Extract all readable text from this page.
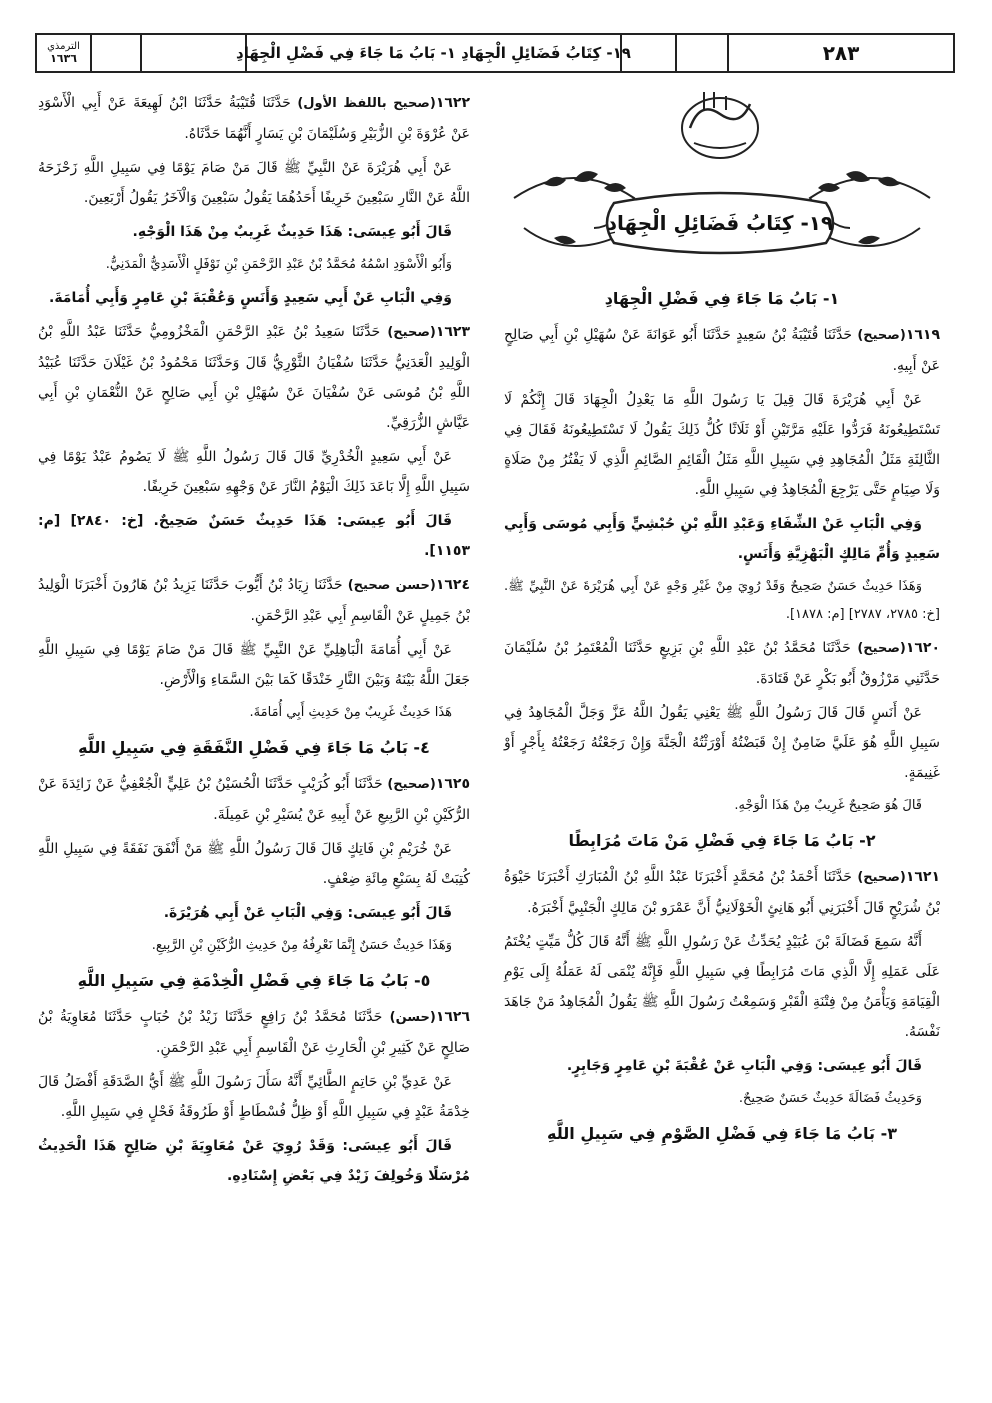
الترمذي
١٦٣٦	١٩- كِتَابُ فَضَائِلِ الْجِهَادِ ١- بَابُ مَا جَاءَ فِي فَضْلِ الْجِهَادِ	٢٨٣
١٩- كِتَابُ فَضَائِلِ الْجِهَادِ
١- بَابُ مَا جَاءَ فِي فَضْلِ الْجِهَادِ

١٦١٩(صحيح) حَدَّثَنَا قُتَيْبَةُ بْنُ سَعِيدٍ حَدَّثَنَا أَبُو عَوَانَةَ عَنْ سُهَيْلِ بْنِ أَبِي صَالِحٍ عَنْ أَبِيهِ.

عَنْ أَبِي هُرَيْرَةَ قَالَ قِيلَ يَا رَسُولَ اللَّهِ مَا يَعْدِلُ الْجِهَادَ قَالَ إِنَّكُمْ لَا تَسْتَطِيعُونَهُ فَرَدُّوا عَلَيْهِ مَرَّتَيْنِ أَوْ ثَلَاثًا كُلُّ ذَلِكَ يَقُولُ لَا تَسْتَطِيعُونَهُ فَقَالَ فِي الثَّالِثَةِ مَثَلُ الْمُجَاهِدِ فِي سَبِيلِ اللَّهِ مَثَلُ الْقَائِمِ الصَّائِمِ الَّذِي لَا يَفْتُرُ مِنْ صَلَاةٍ وَلَا صِيَامٍ حَتَّى يَرْجِعَ الْمُجَاهِدُ فِي سَبِيلِ اللَّهِ.

وَفِي الْبَابِ عَنْ الشِّفَاءِ وَعَبْدِ اللَّهِ بْنِ حُبْشِيٍّ وَأَبِي مُوسَى وَأَبِي سَعِيدٍ وَأُمِّ مَالِكٍ الْبَهْزِيَّةِ وَأَنَسٍ.

وَهَذَا حَدِيثٌ حَسَنٌ صَحِيحٌ وَقَدْ رُوِيَ مِنْ غَيْرِ وَجْهٍ عَنْ أَبِي هُرَيْرَةَ عَنْ النَّبِيِّ ﷺ. [خ: ٢٧٨٥، ٢٧٨٧] [م: ١٨٧٨].

١٦٢٠(صحيح) حَدَّثَنَا مُحَمَّدُ بْنُ عَبْدِ اللَّهِ بْنِ بَزِيعٍ حَدَّثَنَا الْمُعْتَمِرُ بْنُ سُلَيْمَانَ حَدَّثَنِي مَرْزُوقٌ أَبُو بَكْرٍ عَنْ قَتَادَةَ.

عَنْ أَنَسٍ قَالَ قَالَ رَسُولُ اللَّهِ ﷺ يَعْنِي يَقُولُ اللَّهُ عَزَّ وَجَلَّ الْمُجَاهِدُ فِي سَبِيلِ اللَّهِ هُوَ عَلَيَّ ضَامِنٌ إِنْ قَبَضْتُهُ أَوْرَثْتُهُ الْجَنَّةَ وَإِنْ رَجَعْتُهُ رَجَعْتُهُ بِأَجْرٍ أَوْ غَنِيمَةٍ.

قَالَ هُوَ صَحِيحٌ غَرِيبٌ مِنْ هَذَا الْوَجْهِ.

٢- بَابُ مَا جَاءَ فِي فَضْلِ مَنْ مَاتَ مُرَابِطًا

١٦٢١(صحيح) حَدَّثَنَا أَحْمَدُ بْنُ مُحَمَّدٍ أَخْبَرَنَا عَبْدُ اللَّهِ بْنُ الْمُبَارَكِ أَخْبَرَنَا حَيْوَةُ بْنُ شُرَيْحٍ قَالَ أَخْبَرَنِي أَبُو هَانِئٍ الْخَوْلَانِيُّ أَنَّ عَمْرَو بْنَ مَالِكٍ الْجَنْبِيَّ أَخْبَرَهُ.

أَنَّهُ سَمِعَ فَضَالَةَ بْنَ عُبَيْدٍ يُحَدِّثُ عَنْ رَسُولِ اللَّهِ ﷺ أَنَّهُ قَالَ كُلُّ مَيِّتٍ يُخْتَمُ عَلَى عَمَلِهِ إِلَّا الَّذِي مَاتَ مُرَابِطًا فِي سَبِيلِ اللَّهِ فَإِنَّهُ يُنْمَى لَهُ عَمَلُهُ إِلَى يَوْمِ الْقِيَامَةِ وَيَأْمَنُ مِنْ فِتْنَةِ الْقَبْرِ وَسَمِعْتُ رَسُولَ اللَّهِ ﷺ يَقُولُ الْمُجَاهِدُ مَنْ جَاهَدَ نَفْسَهُ.

قَالَ أَبُو عِيسَى: وَفِي الْبَابِ عَنْ عُقْبَةَ بْنِ عَامِرٍ وَجَابِرٍ.

وَحَدِيثُ فَضَالَةَ حَدِيثٌ حَسَنٌ صَحِيحٌ.

٣- بَابُ مَا جَاءَ فِي فَضْلِ الصَّوْمِ فِي سَبِيلِ اللَّهِ

١٦٢٢(صحيح باللفظ الأول) حَدَّثَنَا قُتَيْبَةُ حَدَّثَنَا ابْنُ لَهِيعَةَ عَنْ أَبِي الْأَسْوَدِ عَنْ عُرْوَةَ بْنِ الزُّبَيْرِ وَسُلَيْمَانَ بْنِ يَسَارٍ أَنَّهُمَا حَدَّثَاهُ.

عَنْ أَبِي هُرَيْرَةَ عَنْ النَّبِيِّ ﷺ قَالَ مَنْ صَامَ يَوْمًا فِي سَبِيلِ اللَّهِ زَحْزَحَهُ اللَّهُ عَنْ النَّارِ سَبْعِينَ خَرِيفًا أَحَدُهُمَا يَقُولُ سَبْعِينَ وَالْآخَرُ يَقُولُ أَرْبَعِينَ.

قَالَ أَبُو عِيسَى: هَذَا حَدِيثٌ غَرِيبٌ مِنْ هَذَا الْوَجْهِ.

وَأَبُو الْأَسْوَدِ اسْمُهُ مُحَمَّدُ بْنُ عَبْدِ الرَّحْمَنِ بْنِ نَوْفَلٍ الْأَسَدِيُّ الْمَدَنِيُّ.

وَفِي الْبَابِ عَنْ أَبِي سَعِيدٍ وَأَنَسٍ وَعُقْبَةَ بْنِ عَامِرٍ وَأَبِي أُمَامَةَ.

١٦٢٣(صحيح) حَدَّثَنَا سَعِيدُ بْنُ عَبْدِ الرَّحْمَنِ الْمَخْزُومِيُّ حَدَّثَنَا عَبْدُ اللَّهِ بْنُ الْوَلِيدِ الْعَدَنِيُّ حَدَّثَنَا سُفْيَانُ الثَّوْرِيُّ قَالَ وَحَدَّثَنَا مَحْمُودُ بْنُ غَيْلَانَ حَدَّثَنَا عُبَيْدُ اللَّهِ بْنُ مُوسَى عَنْ سُفْيَانَ عَنْ سُهَيْلِ بْنِ أَبِي صَالِحٍ عَنْ النُّعْمَانِ بْنِ أَبِي عَيَّاشٍ الزُّرَقِيِّ.

عَنْ أَبِي سَعِيدٍ الْخُدْرِيِّ قَالَ قَالَ رَسُولُ اللَّهِ ﷺ لَا يَصُومُ عَبْدٌ يَوْمًا فِي سَبِيلِ اللَّهِ إِلَّا بَاعَدَ ذَلِكَ الْيَوْمُ النَّارَ عَنْ وَجْهِهِ سَبْعِينَ خَرِيفًا.

قَالَ أَبُو عِيسَى: هَذَا حَدِيثٌ حَسَنٌ صَحِيحٌ. [خ: ٢٨٤٠] [م: ١١٥٣].

١٦٢٤(حسن صحيح) حَدَّثَنَا زِيَادُ بْنُ أَيُّوبَ حَدَّثَنَا يَزِيدُ بْنُ هَارُونَ أَخْبَرَنَا الْوَلِيدُ بْنُ جَمِيلٍ عَنْ الْقَاسِمِ أَبِي عَبْدِ الرَّحْمَنِ.

عَنْ أَبِي أُمَامَةَ الْبَاهِلِيِّ عَنْ النَّبِيِّ ﷺ قَالَ مَنْ صَامَ يَوْمًا فِي سَبِيلِ اللَّهِ جَعَلَ اللَّهُ بَيْنَهُ وَبَيْنَ النَّارِ خَنْدَقًا كَمَا بَيْنَ السَّمَاءِ وَالْأَرْضِ.

هَذَا حَدِيثٌ غَرِيبٌ مِنْ حَدِيثِ أَبِي أُمَامَةَ.

٤- بَابُ مَا جَاءَ فِي فَضْلِ النَّفَقَةِ فِي سَبِيلِ اللَّهِ

١٦٢٥(صحيح) حَدَّثَنَا أَبُو كُرَيْبٍ حَدَّثَنَا الْحُسَيْنُ بْنُ عَلِيٍّ الْجُعْفِيُّ عَنْ زَائِدَةَ عَنْ الرُّكَيْنِ بْنِ الرَّبِيعِ عَنْ أَبِيهِ عَنْ يُسَيْرِ بْنِ عَمِيلَةَ.

عَنْ خُرَيْمِ بْنِ فَاتِكٍ قَالَ قَالَ رَسُولُ اللَّهِ ﷺ مَنْ أَنْفَقَ نَفَقَةً فِي سَبِيلِ اللَّهِ كُتِبَتْ لَهُ بِسَبْعِ مِائَةِ ضِعْفٍ.

قَالَ أَبُو عِيسَى: وَفِي الْبَابِ عَنْ أَبِي هُرَيْرَةَ.

وَهَذَا حَدِيثٌ حَسَنٌ إِنَّمَا نَعْرِفُهُ مِنْ حَدِيثِ الرُّكَيْنِ بْنِ الرَّبِيعِ.

٥- بَابُ مَا جَاءَ فِي فَضْلِ الْخِدْمَةِ فِي سَبِيلِ اللَّهِ

١٦٢٦(حسن) حَدَّثَنَا مُحَمَّدُ بْنُ رَافِعٍ حَدَّثَنَا زَيْدُ بْنُ حُبَابٍ حَدَّثَنَا مُعَاوِيَةُ بْنُ صَالِحٍ عَنْ كَثِيرِ بْنِ الْحَارِثِ عَنْ الْقَاسِمِ أَبِي عَبْدِ الرَّحْمَنِ.

عَنْ عَدِيِّ بْنِ حَاتِمٍ الطَّائِيِّ أَنَّهُ سَأَلَ رَسُولَ اللَّهِ ﷺ أَيُّ الصَّدَقَةِ أَفْضَلُ قَالَ خِدْمَةُ عَبْدٍ فِي سَبِيلِ اللَّهِ أَوْ ظِلُّ فُسْطَاطٍ أَوْ طَرُوقَةُ فَحْلٍ فِي سَبِيلِ اللَّهِ.

قَالَ أَبُو عِيسَى: وَقَدْ رُوِيَ عَنْ مُعَاوِيَةَ بْنِ صَالِحٍ هَذَا الْحَدِيثُ مُرْسَلًا وَخُولِفَ زَيْدٌ فِي بَعْضِ إِسْنَادِهِ.
